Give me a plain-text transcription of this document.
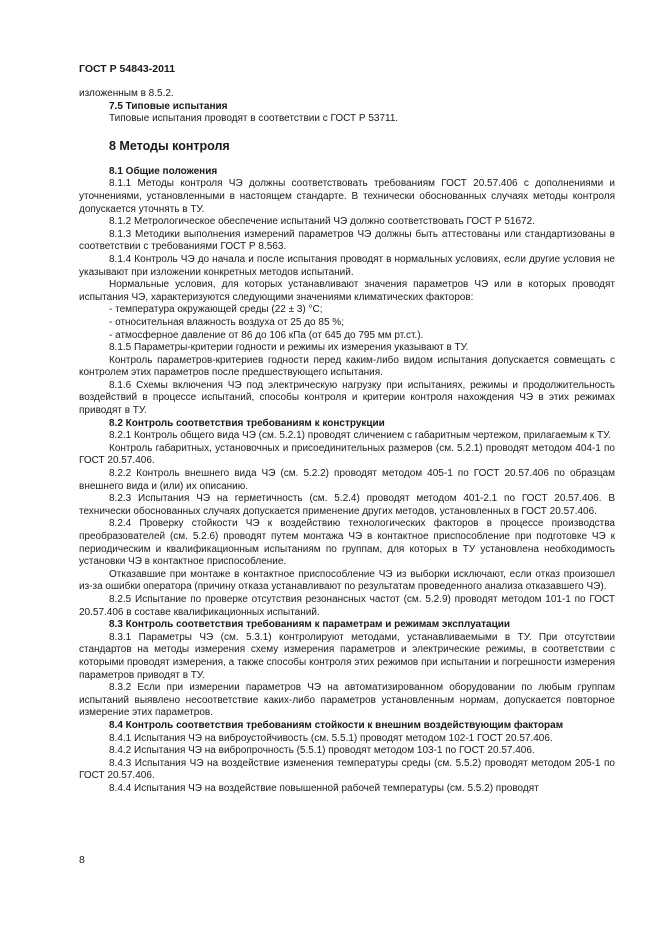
ГОСТ Р 54843-2011

изложенным в 8.5.2.

7.5 Типовые испытания

Типовые испытания проводят в соответствии с ГОСТ Р 53711.

8 Методы контроля

8.1 Общие положения

8.1.1 Методы контроля ЧЭ должны соответствовать требованиям ГОСТ 20.57.406 с дополнениями и уточнениями, установленными в настоящем стандарте. В технически обоснованных случаях методы контроля допускается уточнять в ТУ.

8.1.2 Метрологическое обеспечение испытаний ЧЭ должно соответствовать ГОСТ Р 51672.

8.1.3 Методики выполнения измерений параметров ЧЭ должны быть аттестованы или стандартизованы в соответствии с требованиями ГОСТ Р 8.563.

8.1.4 Контроль ЧЭ до начала и после испытания проводят в нормальных условиях, если другие условия не указывают при изложении конкретных методов испытаний.

Нормальные условия, для которых устанавливают значения параметров ЧЭ или в которых проводят испытания ЧЭ, характеризуются следующими значениями климатических факторов:

- температура окружающей среды (22 ± 3) °С;

- относительная влажность воздуха от 25 до 85 %;

- атмосферное давление от 86 до 106 кПа (от 645 до 795 мм рт.ст.).

8.1.5 Параметры-критерии годности и режимы их измерения указывают в ТУ.

Контроль параметров-критериев годности перед каким-либо видом испытания допускается совмещать с контролем этих параметров после предшествующего испытания.

8.1.6 Схемы включения ЧЭ под электрическую нагрузку при испытаниях, режимы и продолжительность воздействий в процессе испытаний, способы контроля и критерии контроля нахождения ЧЭ в этих режимах приводят в ТУ.

8.2 Контроль соответствия требованиям к конструкции

8.2.1 Контроль общего вида ЧЭ (см. 5.2.1) проводят сличением с габаритным чертежом, прилагаемым к ТУ.

Контроль габаритных, установочных и присоединительных размеров (см. 5.2.1) проводят методом 404-1 по ГОСТ 20.57.406.

8.2.2 Контроль внешнего вида ЧЭ (см. 5.2.2) проводят методом 405-1 по ГОСТ 20.57.406 по образцам внешнего вида и (или) их описанию.

8.2.3 Испытания ЧЭ на герметичность (см. 5.2.4) проводят методом 401-2.1 по ГОСТ 20.57.406. В технически обоснованных случаях допускается применение других методов, установленных в ГОСТ 20.57.406.

8.2.4 Проверку стойкости ЧЭ к воздействию технологических факторов в процессе производства преобразователей (см. 5.2.6) проводят путем монтажа ЧЭ в контактное приспособление при подготовке ЧЭ к периодическим и квалификационным испытаниям по группам, для которых в ТУ установлена необходимость установки ЧЭ в контактное приспособление.

Отказавшие при монтаже в контактное приспособление ЧЭ из выборки исключают, если отказ произошел из-за ошибки оператора (причину отказа устанавливают по результатам проведенного анализа отказавшего ЧЭ).

8.2.5 Испытание по проверке отсутствия резонансных частот (см. 5.2.9) проводят методом 101-1 по ГОСТ 20.57.406 в составе квалификационных испытаний.

8.3 Контроль соответствия требованиям к параметрам и режимам эксплуатации

8.3.1 Параметры ЧЭ (см. 5.3.1) контролируют методами, устанавливаемыми в ТУ. При отсутствии стандартов на методы измерения схему измерения параметров и электрические режимы, в соответствии с которыми проводят измерения, а также способы контроля этих режимов при испытании и погрешности измерения параметров приводят в ТУ.

8.3.2 Если при измерении параметров ЧЭ на автоматизированном оборудовании по любым группам испытаний выявлено несоответствие каких-либо параметров установленным нормам, допускается повторное измерение этих параметров.

8.4 Контроль соответствия требованиям стойкости к внешним воздействующим факторам

8.4.1 Испытания ЧЭ на виброустойчивость (см. 5.5.1) проводят методом 102-1 ГОСТ 20.57.406.

8.4.2 Испытания ЧЭ на вибропрочность (5.5.1) проводят методом 103-1 по ГОСТ 20.57.406.

8.4.3 Испытания ЧЭ на воздействие изменения температуры среды (см. 5.5.2) проводят методом 205-1 по ГОСТ 20.57.406.

8.4.4 Испытания ЧЭ на воздействие повышенной рабочей температуры (см. 5.5.2) проводят

8
